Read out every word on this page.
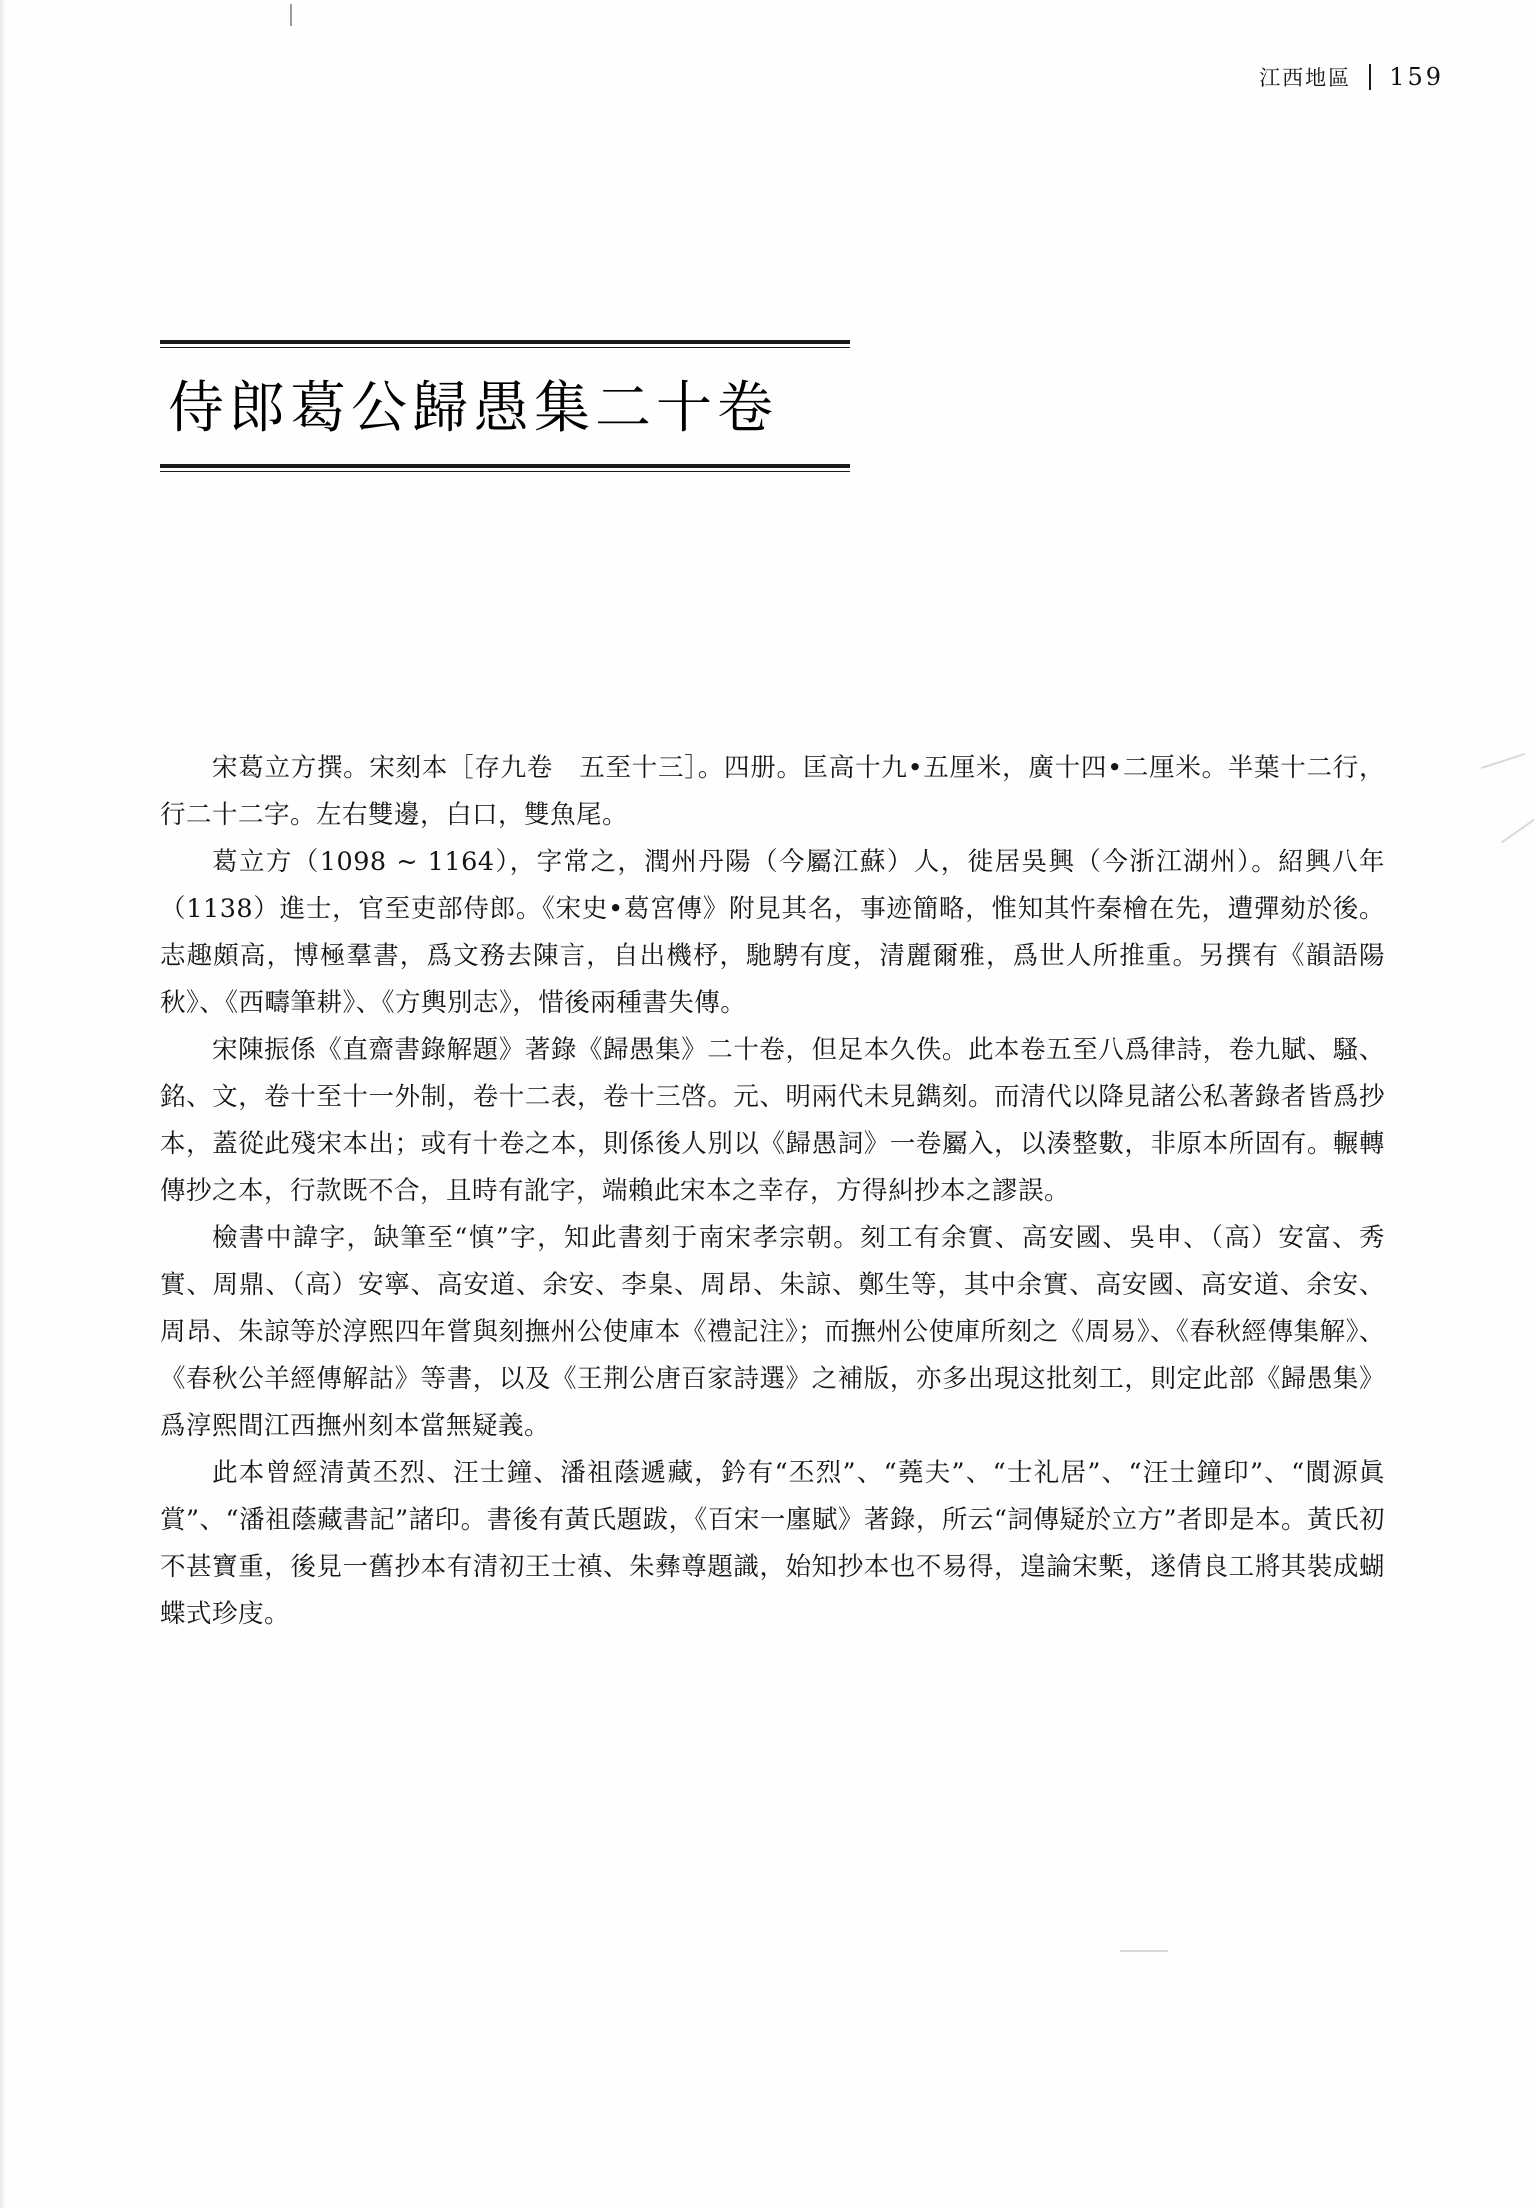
江西地區 159
侍郎葛公歸愚集二十卷

宋葛立方撰。宋刻本［存九卷　五至十三］。四册。匡高十九•五厘米，廣十四•二厘米。半葉十二行，行二十二字。左右雙邊，白口，雙魚尾。

葛立方（1098 ~ 1164），字常之，潤州丹陽（今屬江蘇）人，徙居吳興（今浙江湖州）。紹興八年（1138）進士，官至吏部侍郎。《宋史•葛宮傳》附見其名，事迹簡略，惟知其忤秦檜在先，遭彈劾於後。志趣頗高，博極羣書，爲文務去陳言，自出機杼，馳騁有度，清麗爾雅，爲世人所推重。另撰有《韻語陽秋》、《西疇筆耕》、《方輿別志》，惜後兩種書失傳。

宋陳振係《直齋書錄解題》著錄《歸愚集》二十卷，但足本久佚。此本卷五至八爲律詩，卷九賦、騷、銘、文，卷十至十一外制，卷十二表，卷十三啓。元、明兩代未見鐫刻。而清代以降見諸公私著錄者皆爲抄本，蓋從此殘宋本出；或有十卷之本，則係後人別以《歸愚詞》一卷屬入，以湊整數，非原本所固有。輾轉傳抄之本，行款既不合，且時有訛字，端賴此宋本之幸存，方得糾抄本之謬誤。

檢書中諱字，缺筆至“慎”字，知此書刻于南宋孝宗朝。刻工有余實、高安國、吳申、（高）安富、秀實、周鼎、（高）安寧、高安道、余安、李臬、周昂、朱諒、鄭生等，其中余實、高安國、高安道、余安、周昂、朱諒等於淳熙四年嘗與刻撫州公使庫本《禮記注》；而撫州公使庫所刻之《周易》、《春秋經傳集解》、《春秋公羊經傳解詁》等書，以及《王荆公唐百家詩選》之補版，亦多出現这批刻工，則定此部《歸愚集》爲淳熙間江西撫州刻本當無疑義。

此本曾經清黃丕烈、汪士鐘、潘祖蔭遞藏，鈐有“丕烈”、“蕘夫”、“士礼居”、“汪士鐘印”、“閬源眞賞”、“潘祖蔭藏書記”諸印。書後有黃氏題跋，《百宋一廛賦》著錄，所云“詞傳疑於立方”者即是本。黃氏初不甚寶重，後見一舊抄本有清初王士禛、朱彝尊題識，始知抄本也不易得，遑論宋槧，遂倩良工將其裝成蝴蝶式珍庋。
